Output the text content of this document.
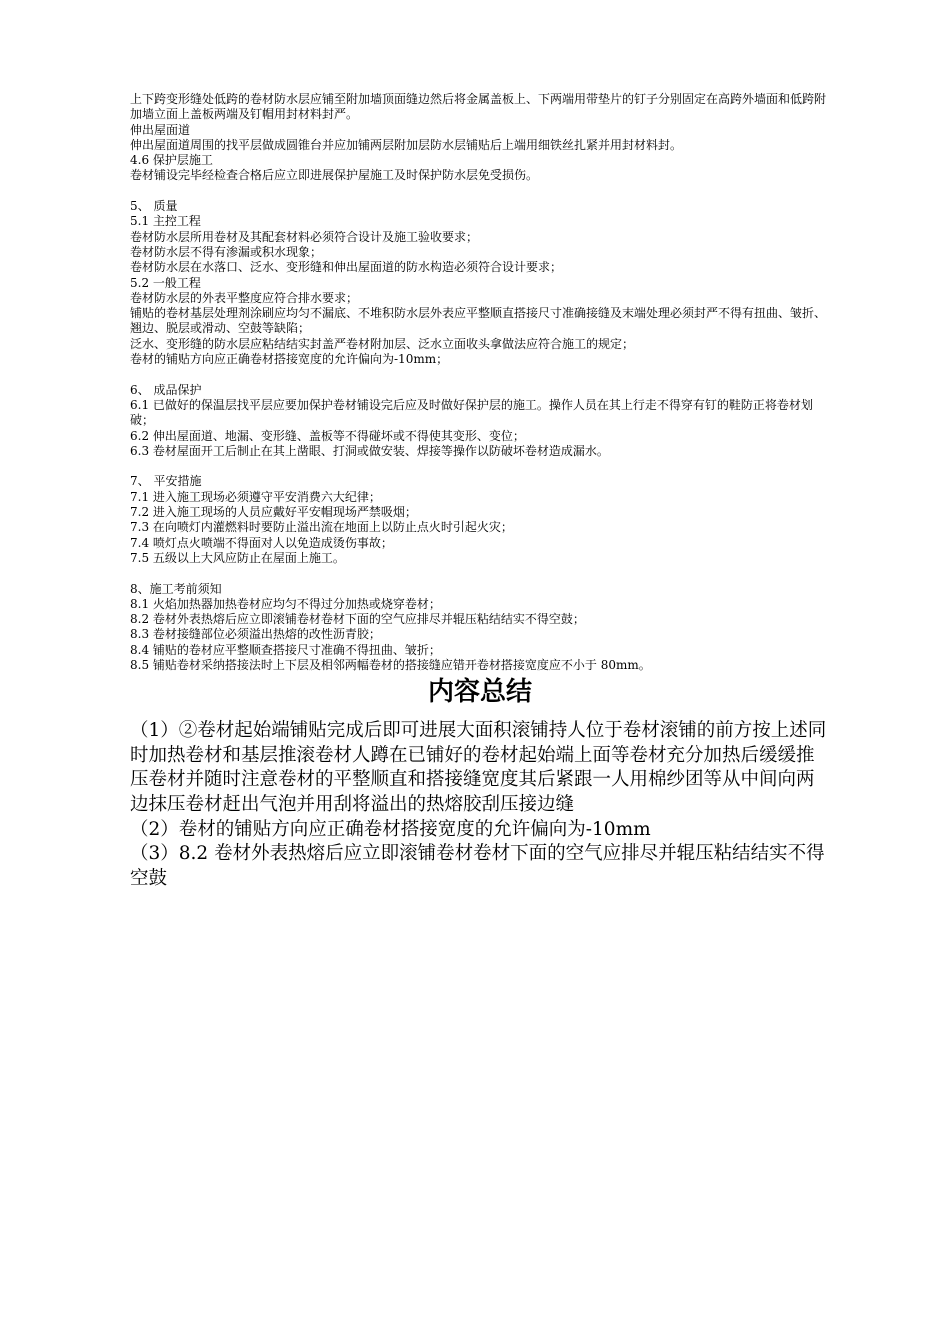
上下跨变形缝处低跨的卷材防水层应铺至附加墙顶面缝边然后将金属盖板上、下两端用带垫片的钉子分别固定在高跨外墙面和低跨附加墙立面上盖板两端及钉帽用封材料封严。

伸出屋面道

伸出屋面道周围的找平层做成圆锥台并应加铺两层附加层防水层铺贴后上端用细铁丝扎紧并用封材料封。

4.6 保护层施工

卷材铺设完毕经检查合格后应立即进展保护屋施工及时保护防水层免受损伤。

5、 质量

5.1 主控工程

卷材防水层所用卷材及其配套材料必须符合设计及施工验收要求；

卷材防水层不得有渗漏或积水现象；

卷材防水层在水落口、泛水、变形缝和伸出屋面道的防水构造必须符合设计要求；

5.2 一般工程

卷材防水层的外表平整度应符合排水要求；

铺贴的卷材基层处理剂涂刷应均匀不漏底、不堆积防水层外表应平整顺直搭接尺寸准确接缝及末端处理必须封严不得有扭曲、皱折、翘边、脱层或滑动、空鼓等缺陷；

泛水、变形缝的防水层应粘结结实封盖严卷材附加层、泛水立面收头拿做法应符合施工的规定；

卷材的铺贴方向应正确卷材搭接宽度的允许偏向为-10mm；

6、 成品保护

6.1 已做好的保温层找平层应要加保护卷材铺设完后应及时做好保护层的施工。操作人员在其上行走不得穿有钉的鞋防正将卷材划破；

6.2 伸出屋面道、地漏、变形缝、盖板等不得碰坏或不得使其变形、变位；

6.3 卷材屋面开工后制止在其上凿眼、打洞或做安装、焊接等操作以防破坏卷材造成漏水。

7、 平安措施

7.1 进入施工现场必须遵守平安消费六大纪律；

7.2 进入施工现场的人员应戴好平安帽现场严禁吸烟；

7.3 在向喷灯内灌燃料时要防止溢出流在地面上以防止点火时引起火灾；

7.4 喷灯点火喷端不得面对人以免造成烫伤事故；

7.5 五级以上大风应防止在屋面上施工。

8、施工考前须知

8.1 火焰加热器加热卷材应均匀不得过分加热或烧穿卷材；

8.2 卷材外表热熔后应立即滚铺卷材卷材下面的空气应排尽并辊压粘结结实不得空鼓；

8.3 卷材接缝部位必须溢出热熔的改性沥青胶；

8.4 铺贴的卷材应平整顺查搭接尺寸准确不得扭曲、皱折；

8.5 铺贴卷材采纳搭接法时上下层及相邻两幅卷材的搭接缝应错开卷材搭接宽度应不小于 80mm。

内容总结

（1）②卷材起始端铺贴完成后即可进展大面积滚铺持人位于卷材滚铺的前方按上述同时加热卷材和基层推滚卷材人蹲在已铺好的卷材起始端上面等卷材充分加热后缓缓推压卷材并随时注意卷材的平整顺直和搭接缝宽度其后紧跟一人用棉纱团等从中间向两边抹压卷材赶出气泡并用刮将溢出的热熔胶刮压接边缝

（2）卷材的铺贴方向应正确卷材搭接宽度的允许偏向为-10mm

（3）8.2 卷材外表热熔后应立即滚铺卷材卷材下面的空气应排尽并辊压粘结结实不得空鼓
